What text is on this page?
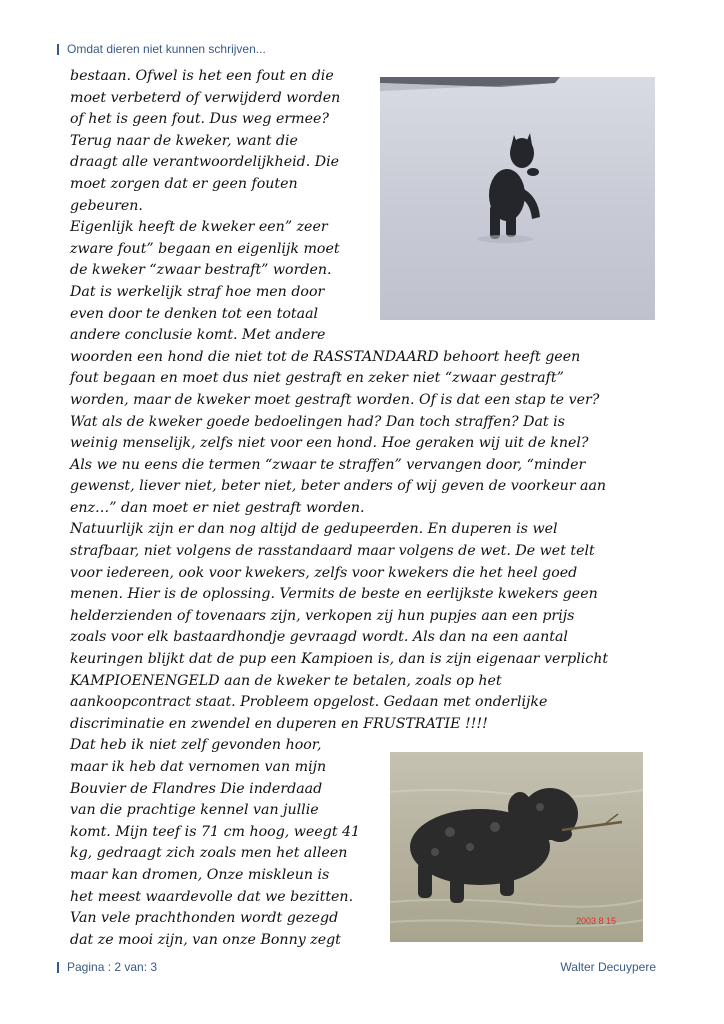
Omdat dieren niet kunnen schrijven...
bestaan. Ofwel is het een fout en die
moet verbeterd of verwijderd worden
of het is geen fout. Dus weg ermee?
Terug naar de kweker, want die
draagt alle verantwoordelijkheid. Die
moet zorgen dat er geen fouten
gebeuren.
Eigenlijk heeft de kweker een” zeer
zware fout” begaan en eigenlijk moet
de kweker “zwaar bestraft” worden.
Dat is werkelijk straf hoe men door
even door te denken tot een totaal
andere conclusie komt. Met andere
woorden een hond die niet tot de RASSTANDAARD behoort heeft geen
fout begaan en moet dus niet gestraft en zeker niet “zwaar gestraft”
worden, maar de kweker moet gestraft worden. Of is dat een stap te ver?
Wat als de kweker goede bedoelingen had? Dan toch straffen? Dat is
weinig menselijk, zelfs niet voor een hond. Hoe geraken wij uit de knel?
Als we nu eens die termen “zwaar te straffen” vervangen door, “minder
gewenst, liever niet, beter niet, beter anders of wij geven de voorkeur aan
enz…” dan moet er niet gestraft worden.
Natuurlijk zijn er dan nog altijd de gedupeerden. En duperen is wel
strafbaar, niet volgens de rasstandaard maar volgens de wet. De wet telt
voor iedereen, ook voor kwekers, zelfs voor kwekers die het heel goed
menen. Hier is de oplossing. Vermits de beste en eerlijkste kwekers geen
helderzienden of tovenaars zijn, verkopen zij hun pupjes aan een prijs
zoals voor elk bastaardhondje gevraagd wordt. Als dan na een aantal
keuringen blijkt dat de pup een Kampioen is, dan is zijn eigenaar verplicht
KAMPIOENENGELD aan de kweker te betalen, zoals op het
aankoopcontract staat. Probleem opgelost. Gedaan met onderlijke
discriminatie en zwendel en duperen en FRUSTRATIE !!!!
Dat heb ik niet zelf gevonden hoor,
maar ik heb dat vernomen van mijn
Bouvier de Flandres Die inderdaad
van die prachtige kennel van jullie
komt. Mijn teef is 71 cm hoog, weegt 41
kg, gedraagt zich zoals men het alleen
maar kan dromen, Onze miskleun is
het meest waardevolle dat we bezitten.
Van vele prachthonden wordt gezegd
dat ze mooi zijn, van onze Bonny zegt
2003 8 15
Pagina : 2 van: 3	Walter Decuypere
